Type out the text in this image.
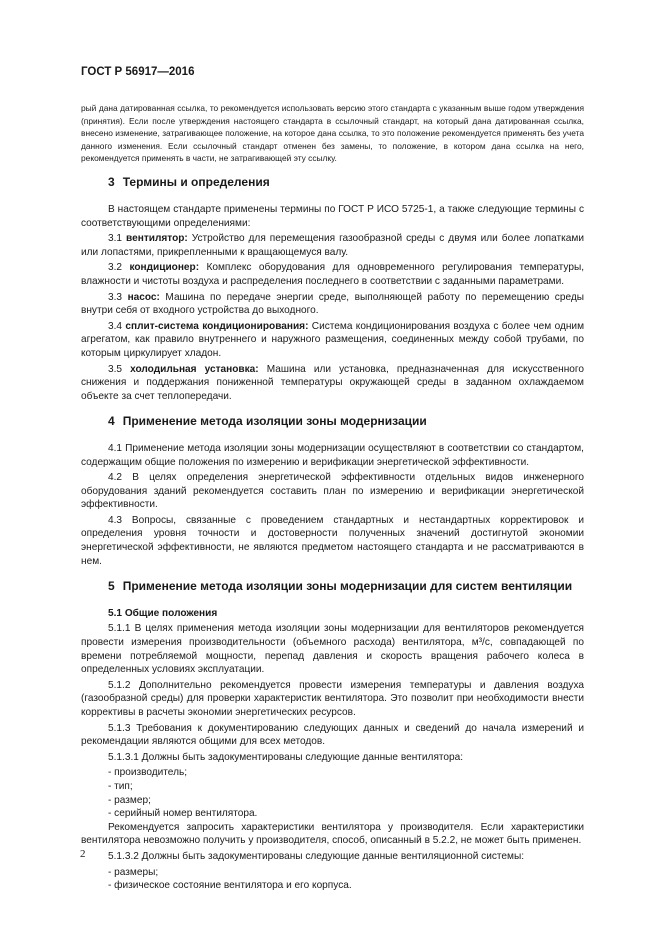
ГОСТ Р 56917—2016

рый дана датированная ссылка, то рекомендуется использовать версию этого стандарта с указанным выше годом утверждения (принятия). Если после утверждения настоящего стандарта в ссылочный стандарт, на который дана датированная ссылка, внесено изменение, затрагивающее положение, на которое дана ссылка, то это положение рекомендуется применять без учета данного изменения. Если ссылочный стандарт отменен без замены, то положение, в котором дана ссылка на него, рекомендуется применять в части, не затрагивающей эту ссылку.

3 Термины и определения

В настоящем стандарте применены термины по ГОСТ Р ИСО 5725-1, а также следующие термины с соответствующими определениями:

3.1 вентилятор: Устройство для перемещения газообразной среды с двумя или более лопатками или лопастями, прикрепленными к вращающемуся валу.

3.2 кондиционер: Комплекс оборудования для одновременного регулирования температуры, влажности и чистоты воздуха и распределения последнего в соответствии с заданными параметрами.

3.3 насос: Машина по передаче энергии среде, выполняющей работу по перемещению среды внутри себя от входного устройства до выходного.

3.4 сплит-система кондиционирования: Система кондиционирования воздуха с более чем одним агрегатом, как правило внутреннего и наружного размещения, соединенных между собой трубами, по которым циркулирует хладон.

3.5 холодильная установка: Машина или установка, предназначенная для искусственного снижения и поддержания пониженной температуры окружающей среды в заданном охлаждаемом объекте за счет теплопередачи.

4 Применение метода изоляции зоны модернизации

4.1 Применение метода изоляции зоны модернизации осуществляют в соответствии со стандартом, содержащим общие положения по измерению и верификации энергетической эффективности.

4.2 В целях определения энергетической эффективности отдельных видов инженерного оборудования зданий рекомендуется составить план по измерению и верификации энергетической эффективности.

4.3 Вопросы, связанные с проведением стандартных и нестандартных корректировок и определения уровня точности и достоверности полученных значений достигнутой экономии энергетической эффективности, не являются предметом настоящего стандарта и не рассматриваются в нем.

5 Применение метода изоляции зоны модернизации для систем вентиляции
5.1 Общие положения

5.1.1 В целях применения метода изоляции зоны модернизации для вентиляторов рекомендуется провести измерения производительности (объемного расхода) вентилятора, м³/с, совпадающей по времени потребляемой мощности, перепад давления и скорость вращения рабочего колеса в определенных условиях эксплуатации.

5.1.2 Дополнительно рекомендуется провести измерения температуры и давления воздуха (газообразной среды) для проверки характеристик вентилятора. Это позволит при необходимости внести коррективы в расчеты экономии энергетических ресурсов.

5.1.3 Требования к документированию следующих данных и сведений до начала измерений и рекомендации являются общими для всех методов.

5.1.3.1 Должны быть задокументированы следующие данные вентилятора:

- производитель;

- тип;

- размер;

- серийный номер вентилятора.

Рекомендуется запросить характеристики вентилятора у производителя. Если характеристики вентилятора невозможно получить у производителя, способ, описанный в 5.2.2, не может быть применен.

5.1.3.2 Должны быть задокументированы следующие данные вентиляционной системы:

- размеры;

- физическое состояние вентилятора и его корпуса.

2
